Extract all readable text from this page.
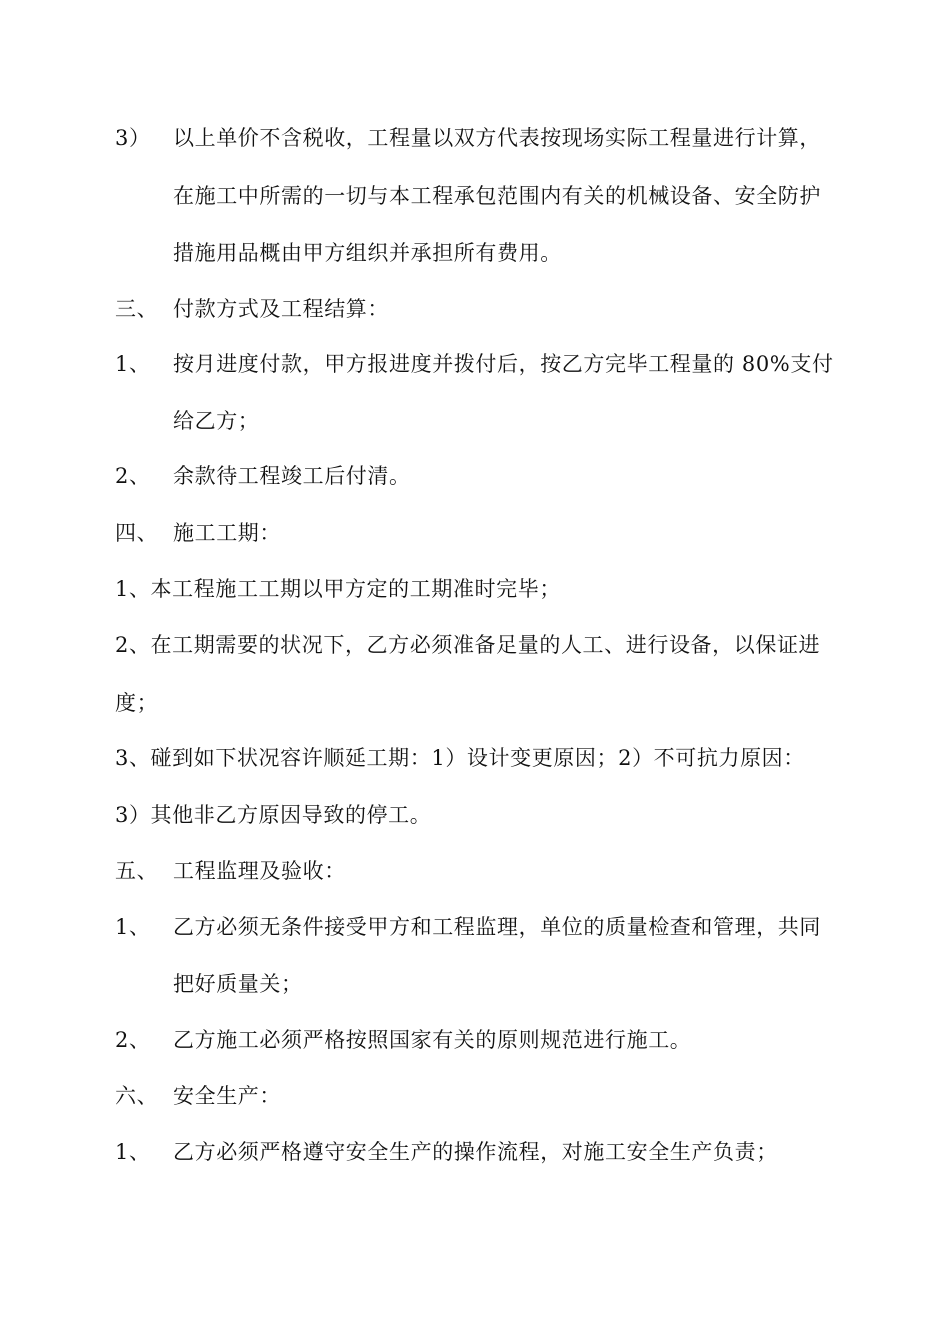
3） 以上单价不含税收，工程量以双方代表按现场实际工程量进行计算，
在施工中所需的一切与本工程承包范围内有关的机械设备、安全防护
措施用品概由甲方组织并承担所有费用。
三、 付款方式及工程结算：
1、 按月进度付款，甲方报进度并拨付后，按乙方完毕工程量的 80%支付
给乙方；
2、 余款待工程竣工后付清。
四、 施工工期：
1、本工程施工工期以甲方定的工期准时完毕；
2、在工期需要的状况下，乙方必须准备足量的人工、进行设备，以保证进
度；
3、碰到如下状况容许顺延工期：1）设计变更原因；2）不可抗力原因：
3）其他非乙方原因导致的停工。
五、 工程监理及验收：
1、 乙方必须无条件接受甲方和工程监理，单位的质量检查和管理，共同
把好质量关；
2、 乙方施工必须严格按照国家有关的原则规范进行施工。
六、 安全生产：
1、 乙方必须严格遵守安全生产的操作流程，对施工安全生产负责；
